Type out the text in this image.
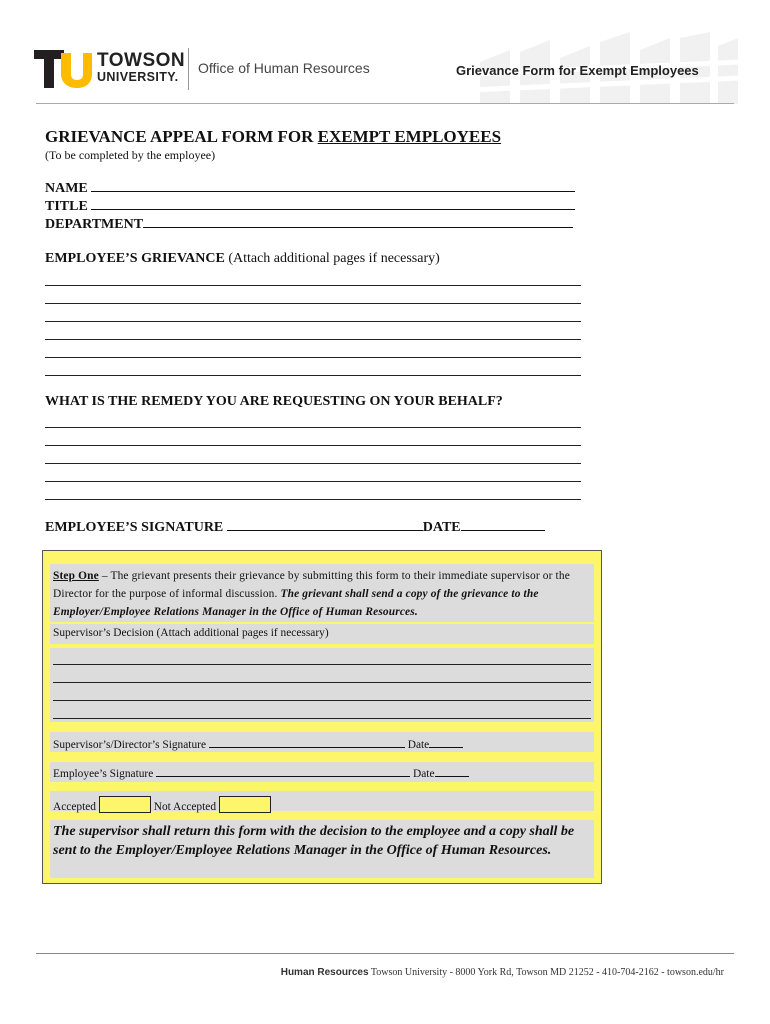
TOWSON
UNIVERSITY.
Office of Human Resources	Grievance Form for Exempt Employees
GRIEVANCE APPEAL FORM FOR EXEMPT EMPLOYEES
(To be completed by the employee)
NAME
TITLE
DEPARTMENT
EMPLOYEE’S GRIEVANCE (Attach additional pages if necessary)
WHAT IS THE REMEDY YOU ARE REQUESTING ON YOUR BEHALF?
EMPLOYEE’S SIGNATURE	DATE
Step One – The grievant presents their grievance by submitting this form to their immediate supervisor or the Director for the purpose of informal discussion. The grievant shall send a copy of the grievance to the Employer/Employee Relations Manager in the Office of Human Resources.
Supervisor’s Decision (Attach additional pages if necessary)
Supervisor’s/Director’s Signature	Date
Employee’s Signature	Date
Accepted	Not Accepted
The supervisor shall return this form with the decision to the employee and a copy shall be sent to the Employer/Employee Relations Manager in the Office of Human Resources.
Human Resources Towson University - 8000 York Rd, Towson MD 21252 - 410-704-2162 - towson.edu/hr
